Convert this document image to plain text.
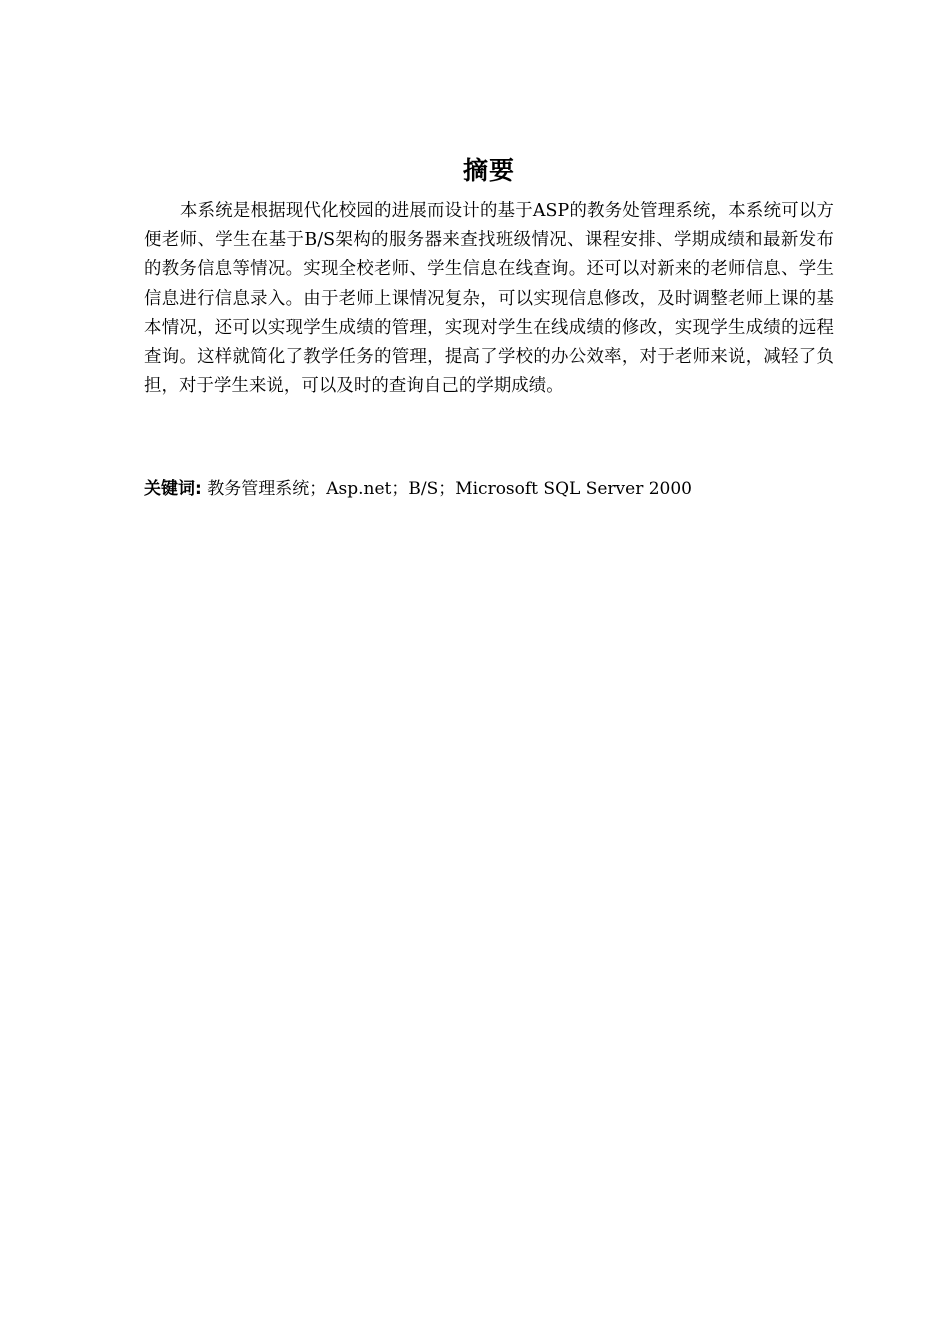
摘要

本系统是根据现代化校园的进展而设计的基于ASP的教务处管理系统，本系统可以方便老师、学生在基于B/S架构的服务器来查找班级情况、课程安排、学期成绩和最新发布的教务信息等情况。实现全校老师、学生信息在线查询。还可以对新来的老师信息、学生信息进行信息录入。由于老师上课情况复杂，可以实现信息修改，及时调整老师上课的基本情况，还可以实现学生成绩的管理，实现对学生在线成绩的修改，实现学生成绩的远程查询。这样就简化了教学任务的管理，提高了学校的办公效率，对于老师来说，减轻了负担，对于学生来说，可以及时的查询自己的学期成绩。

关键词: 教务管理系统；Asp.net；B/S；Microsoft SQL Server 2000
